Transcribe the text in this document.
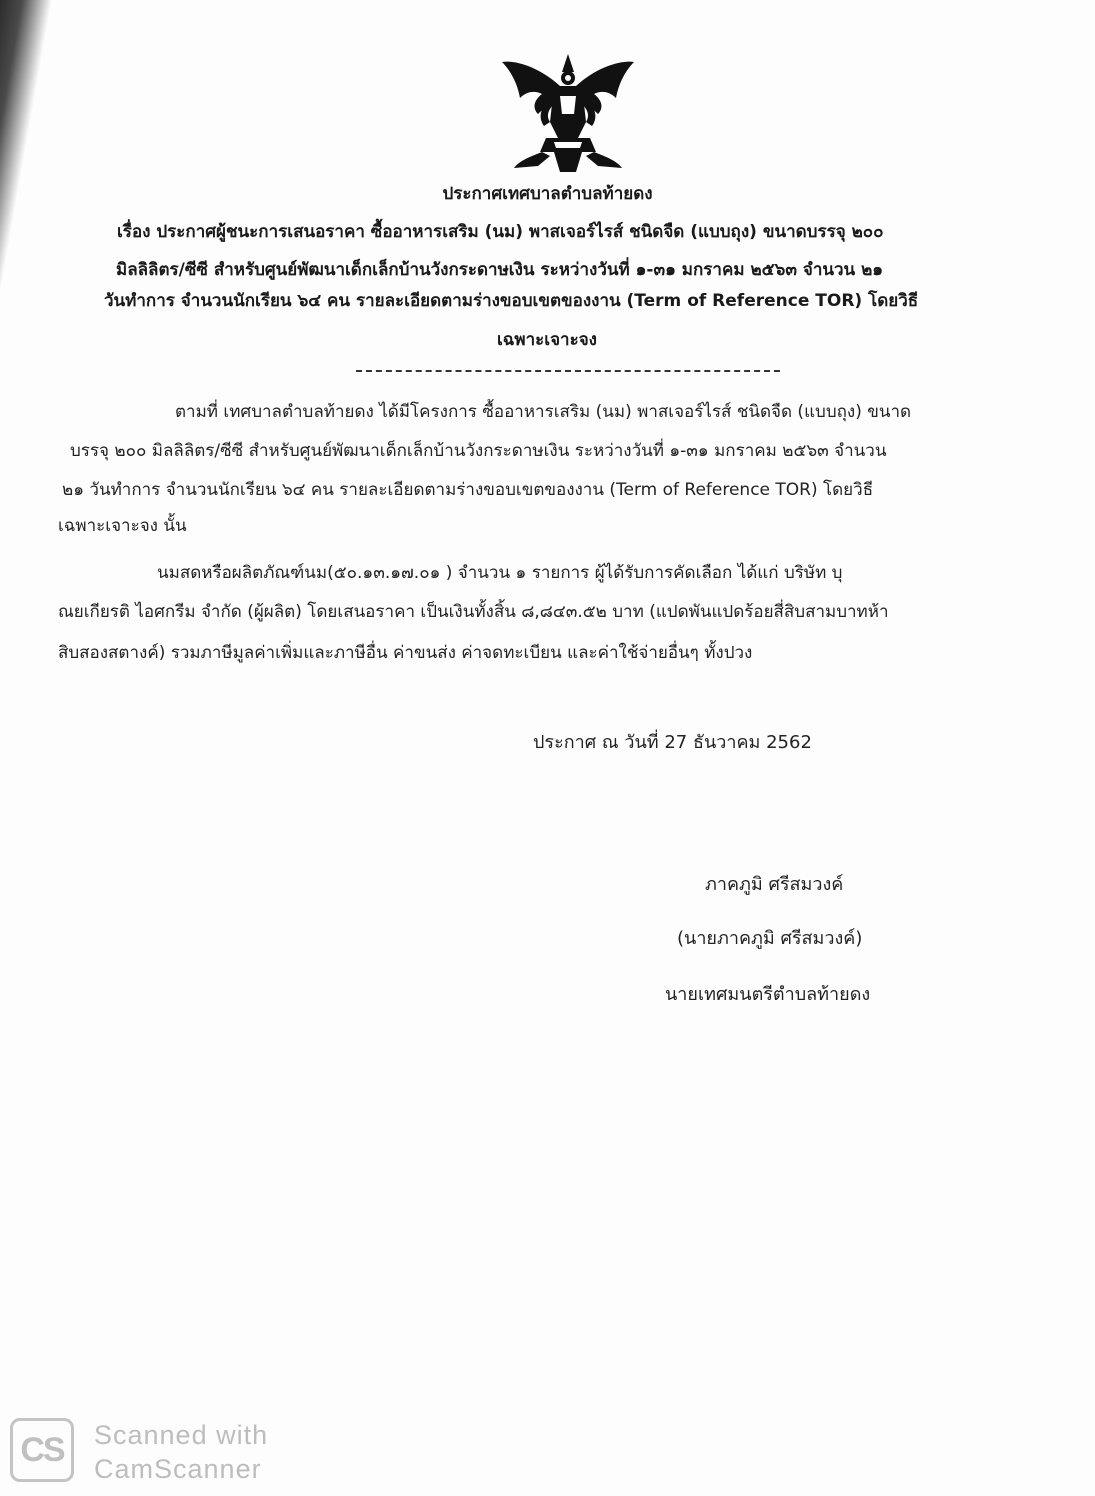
ประกาศเทศบาลตำบลท้ายดง
เรื่อง ประกาศผู้ชนะการเสนอราคา ซื้ออาหารเสริม (นม) พาสเจอร์ไรส์ ชนิดจืด (แบบถุง) ขนาดบรรจุ ๒๐๐
มิลลิลิตร/ซีซี สำหรับศูนย์พัฒนาเด็กเล็กบ้านวังกระดาษเงิน ระหว่างวันที่ ๑-๓๑ มกราคม ๒๕๖๓ จำนวน ๒๑
วันทำการ จำนวนนักเรียน ๖๔ คน รายละเอียดตามร่างขอบเขตของงาน (Term of Reference TOR) โดยวิธี
เฉพาะเจาะจง
ตามที่ เทศบาลตำบลท้ายดง ได้มีโครงการ ซื้ออาหารเสริม (นม) พาสเจอร์ไรส์ ชนิดจืด (แบบถุง) ขนาด
บรรจุ ๒๐๐ มิลลิลิตร/ซีซี สำหรับศูนย์พัฒนาเด็กเล็กบ้านวังกระดาษเงิน ระหว่างวันที่ ๑-๓๑ มกราคม ๒๕๖๓ จำนวน
๒๑ วันทำการ จำนวนนักเรียน ๖๔ คน รายละเอียดตามร่างขอบเขตของงาน (Term of Reference TOR) โดยวิธี
เฉพาะเจาะจง นั้น
นมสดหรือผลิตภัณฑ์นม(๕๐.๑๓.๑๗.๐๑ ) จำนวน ๑ รายการ ผู้ได้รับการคัดเลือก ได้แก่ บริษัท บุ
ณยเกียรติ ไอศกรีม จำกัด (ผู้ผลิต) โดยเสนอราคา เป็นเงินทั้งสิ้น ๘,๘๔๓.๕๒ บาท (แปดพันแปดร้อยสี่สิบสามบาทห้า
สิบสองสตางค์) รวมภาษีมูลค่าเพิ่มและภาษีอื่น ค่าขนส่ง ค่าจดทะเบียน และค่าใช้จ่ายอื่นๆ ทั้งปวง
ประกาศ ณ วันที่ 27 ธันวาคม 2562
ภาคภูมิ ศรีสมวงค์
(นายภาคภูมิ ศรีสมวงค์)
นายเทศมนตรีตำบลท้ายดง
CS	Scanned with
CamScanner
